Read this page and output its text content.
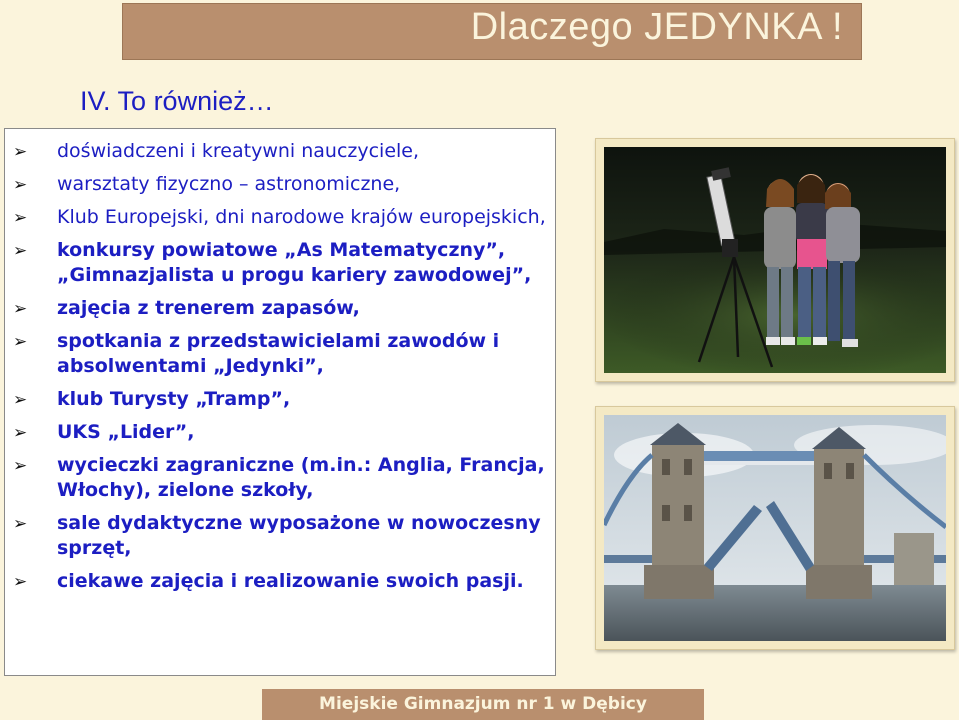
Dlaczego JEDYNKA !
IV. To również…
➢ doświadczeni i kreatywni nauczyciele,
➢ warsztaty fizyczno – astronomiczne,
➢ Klub Europejski, dni narodowe krajów europejskich,
➢ konkursy powiatowe „As Matematyczny”, „Gimnazjalista u progu kariery zawodowej”,
➢ zajęcia z trenerem zapasów,
➢ spotkania z przedstawicielami zawodów i absolwentami „Jedynki”,
➢ klub Turysty „Tramp”,
➢ UKS „Lider”,
➢ wycieczki zagraniczne (m.in.: Anglia, Francja, Włochy), zielone szkoły,
➢ sale dydaktyczne wyposażone w nowoczesny sprzęt,
➢ ciekawe zajęcia i realizowanie swoich pasji.
Miejskie Gimnazjum nr 1 w Dębicy
